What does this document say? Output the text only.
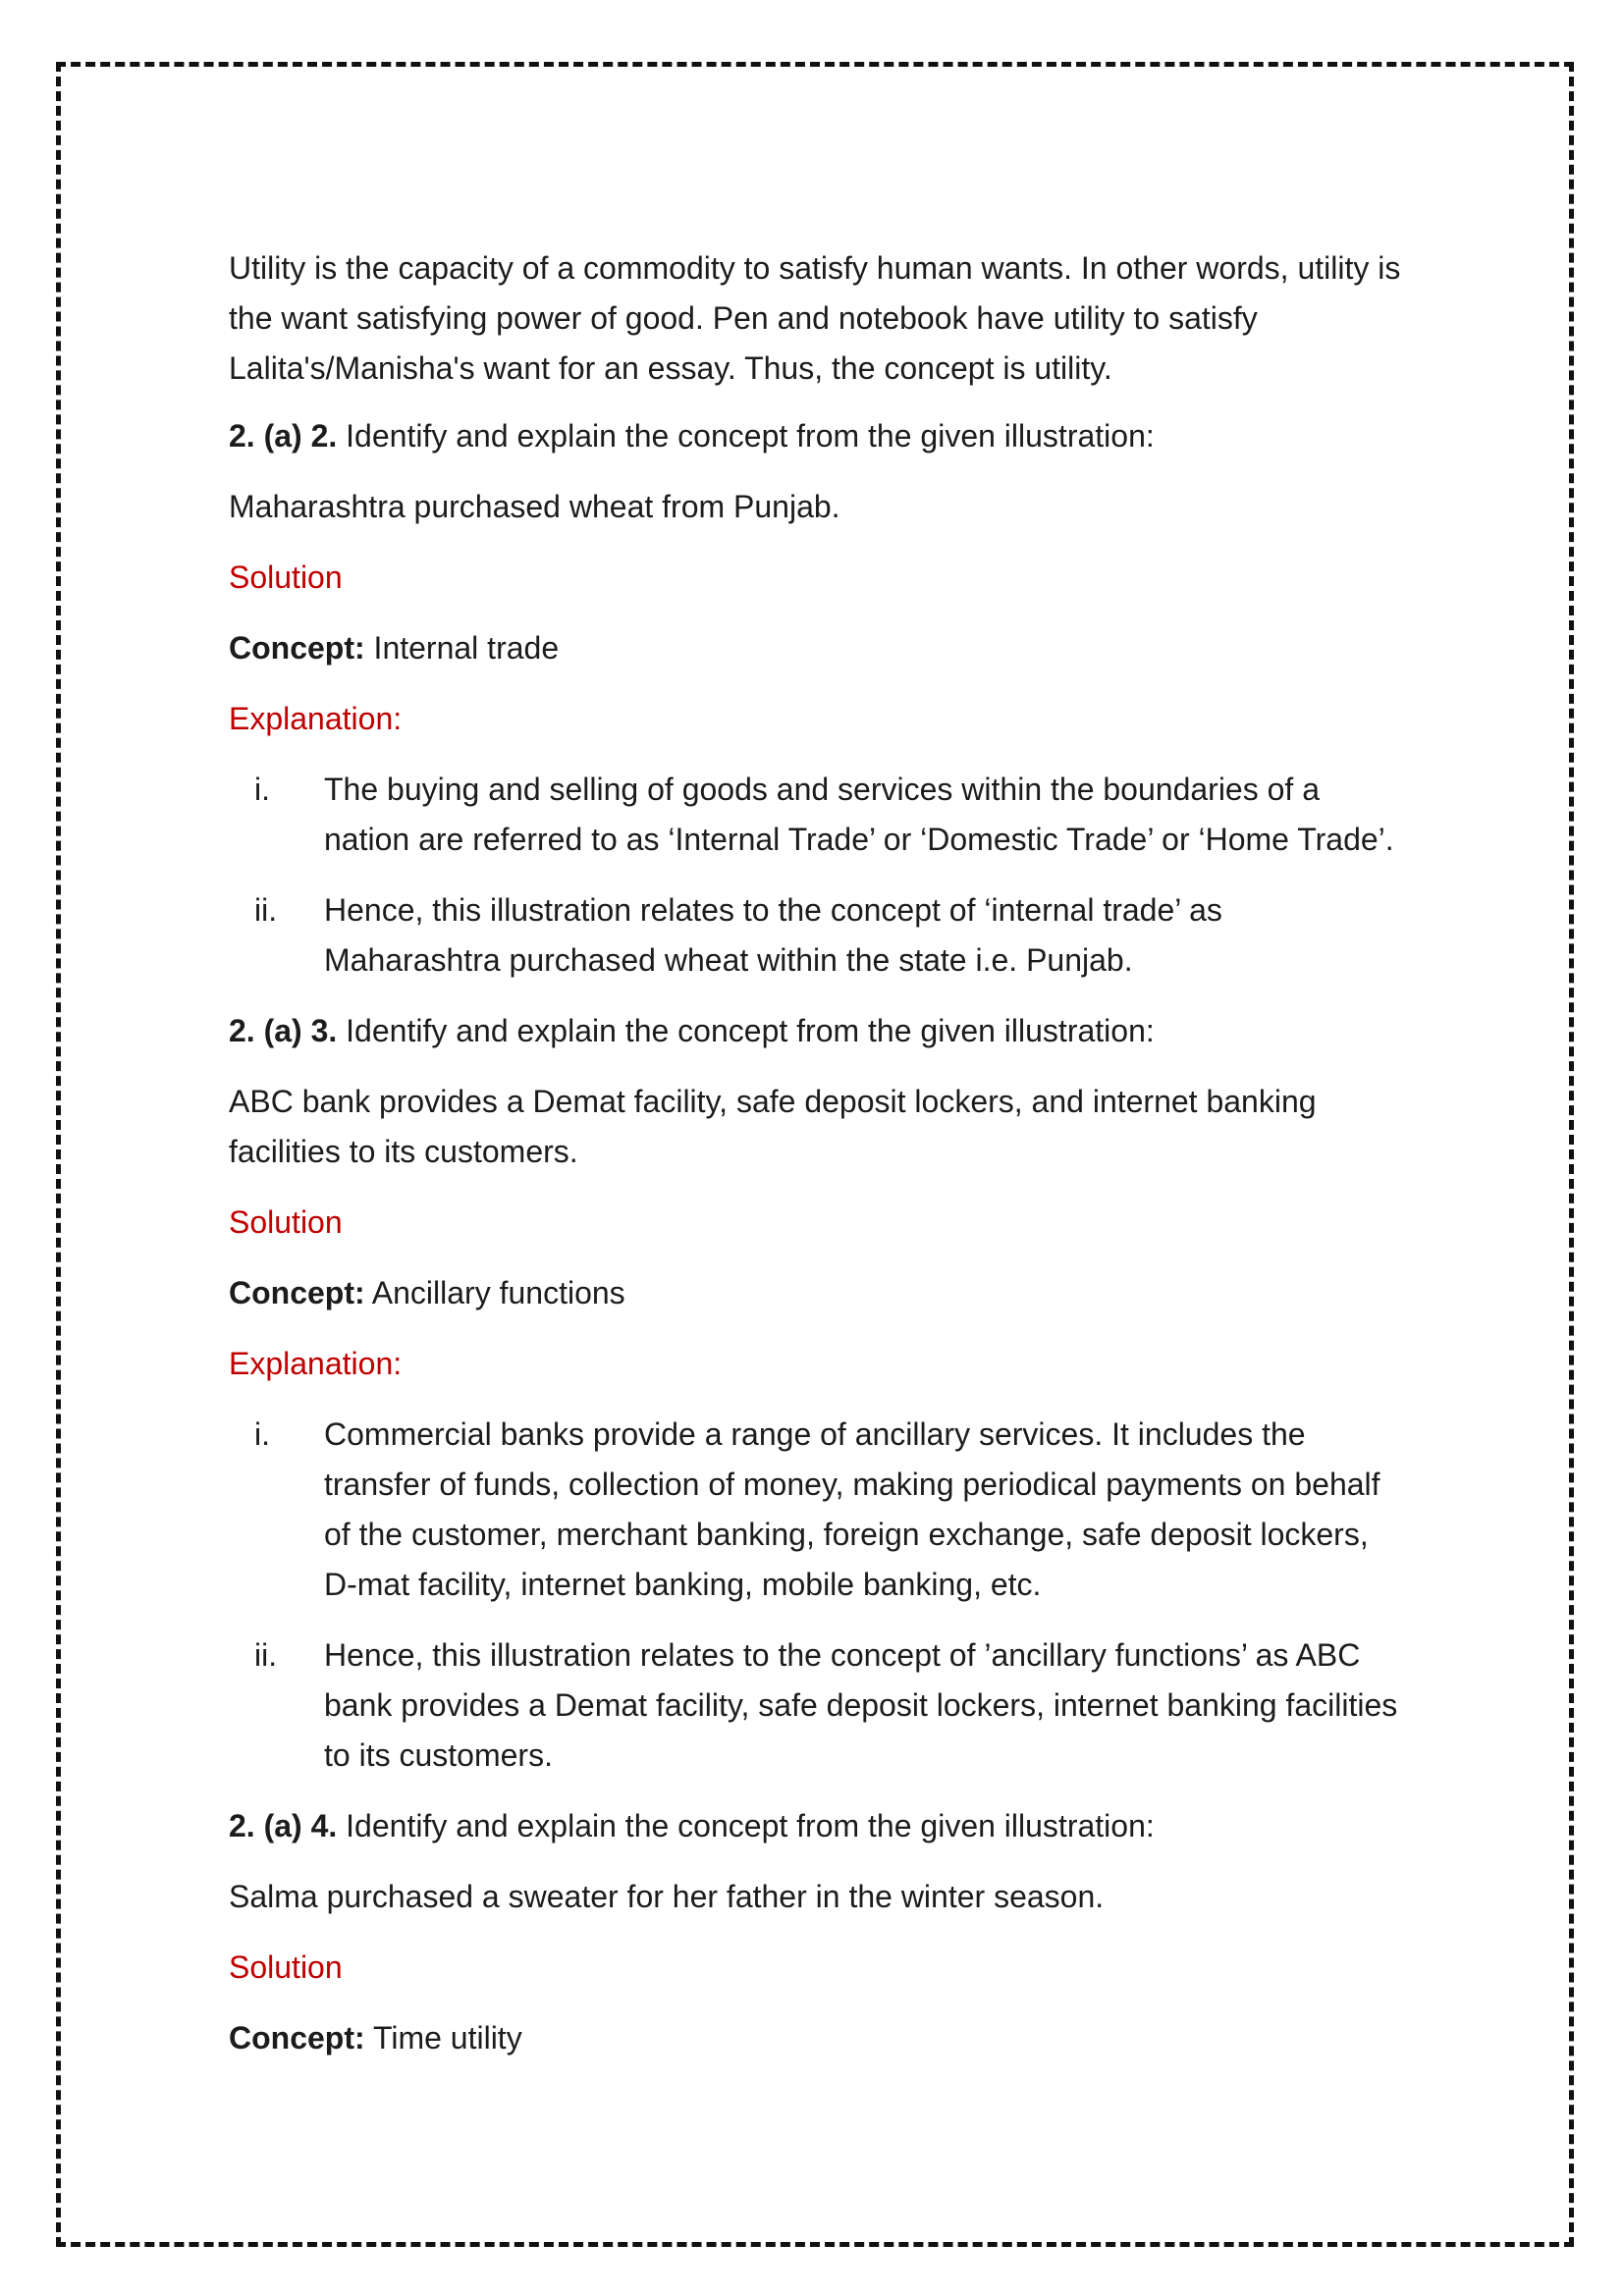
Utility is the capacity of a commodity to satisfy human wants. In other words, utility is the want satisfying power of good. Pen and notebook have utility to satisfy Lalita's/Manisha's want for an essay. Thus, the concept is utility.

2. (a) 2. Identify and explain the concept from the given illustration:

Maharashtra purchased wheat from Punjab.

Solution

Concept: Internal trade

Explanation:

i.	The buying and selling of goods and services within the boundaries of a nation are referred to as ‘Internal Trade’ or ‘Domestic Trade’ or ‘Home Trade’.
ii.	Hence, this illustration relates to the concept of ‘internal trade’ as Maharashtra purchased wheat within the state i.e. Punjab.

2. (a) 3. Identify and explain the concept from the given illustration:

ABC bank provides a Demat facility, safe deposit lockers, and internet banking facilities to its customers.

Solution

Concept: Ancillary functions

Explanation:

i.	Commercial banks provide a range of ancillary services. It includes the transfer of funds, collection of money, making periodical payments on behalf of the customer, merchant banking, foreign exchange, safe deposit lockers, D-mat facility, internet banking, mobile banking, etc.
ii.	Hence, this illustration relates to the concept of ’ancillary functions’ as ABC bank provides a Demat facility, safe deposit lockers, internet banking facilities to its customers.

2. (a) 4. Identify and explain the concept from the given illustration:

Salma purchased a sweater for her father in the winter season.

Solution

Concept: Time utility
